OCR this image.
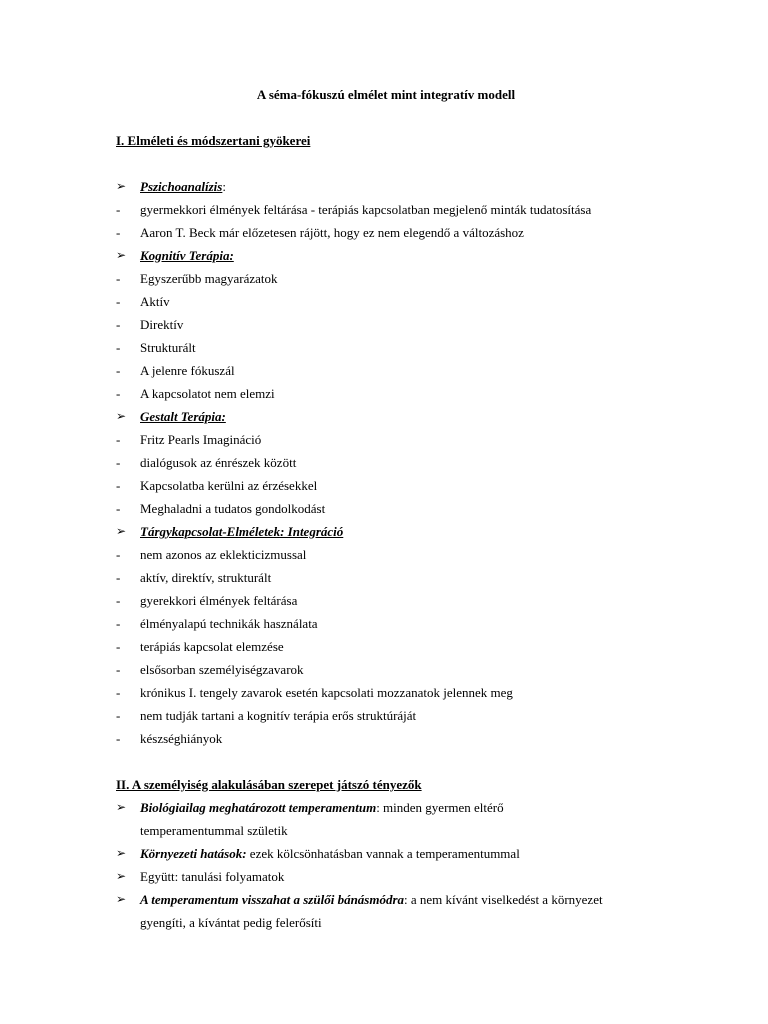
A séma-fókuszú elmélet mint integratív modell

I. Elméleti és módszertani gyökerei

➢	Pszichoanalízis:
-	gyermekkori élmények feltárása - terápiás kapcsolatban megjelenő minták tudatosítása
-	Aaron T. Beck már előzetesen rájött, hogy ez nem elegendő a változáshoz
➢	Kognitív Terápia:
-	Egyszerűbb magyarázatok
-	Aktív
-	Direktív
-	Strukturált
-	A jelenre fókuszál
-	A kapcsolatot nem elemzi
➢	Gestalt Terápia:
-	Fritz Pearls Imagináció
-	dialógusok az énrészek között
-	Kapcsolatba kerülni az érzésekkel
-	Meghaladni a tudatos gondolkodást
➢	Tárgykapcsolat-Elméletek: Integráció
-	nem azonos az eklekticizmussal
-	aktív, direktív, strukturált
-	gyerekkori élmények feltárása
-	élményalapú technikák használata
-	terápiás kapcsolat elemzése
-	elsősorban személyiségzavarok
-	krónikus I. tengely zavarok esetén kapcsolati mozzanatok jelennek meg
-	nem tudják tartani a kognitív terápia erős struktúráját
-	készséghiányok

II. A személyiség alakulásában szerepet játszó tényezők

➢	Biológiailag meghatározott temperamentum: minden gyermen eltérő
temperamentummal születik
➢	Környezeti hatások: ezek kölcsönhatásban vannak a temperamentummal
➢	Együtt: tanulási folyamatok
➢	A temperamentum visszahat a szülői bánásmódra: a nem kívánt viselkedést a környezet
gyengíti, a kívántat pedig felerősíti
